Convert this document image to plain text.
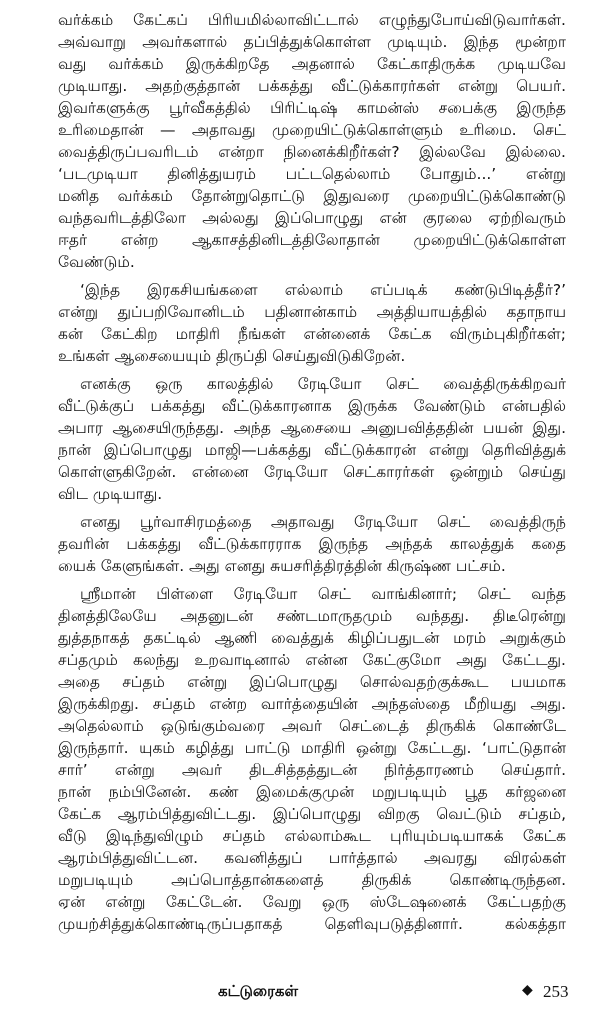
வர்க்கம் கேட்கப் பிரியமில்லாவிட்டால் எழுந்துபோய்விடுவார்கள்.
அவ்வாறு அவர்களால் தப்பித்துக்கொள்ள முடியும். இந்த மூன்றா
வது வர்க்கம் இருக்கிறதே அதனால் கேட்காதிருக்க முடியவே
முடியாது. அதற்குத்தான் பக்கத்து வீட்டுக்காரர்கள் என்று பெயர்.
இவர்களுக்கு பூர்வீகத்தில் பிரிட்டிஷ் காமன்ஸ் சபைக்கு இருந்த
உரிமைதான் — அதாவது முறையிட்டுக்கொள்ளும் உரிமை. செட்
வைத்திருப்பவரிடம் என்றா நினைக்கிறீர்கள்? இல்லவே இல்லை.
‘படமுடியா தினித்துயரம் பட்டதெல்லாம் போதும்...’ என்று
மனித வர்க்கம் தோன்றுதொட்டு இதுவரை முறையிட்டுக்கொண்டு
வந்தவரிடத்திலோ அல்லது இப்பொழுது என் குரலை ஏற்றிவரும்
ஈதர் என்ற ஆகாசத்தினிடத்திலோதான் முறையிட்டுக்கொள்ள
வேண்டும்.
‘இந்த இரகசியங்களை எல்லாம் எப்படிக் கண்டுபிடித்தீர்?’
என்று துப்பறிவோனிடம் பதினான்காம் அத்தியாயத்தில் கதாநாய
கன் கேட்கிற மாதிரி நீங்கள் என்னைக் கேட்க விரும்புகிறீர்கள்;
உங்கள் ஆசையையும் திருப்தி செய்துவிடுகிறேன்.
எனக்கு ஒரு காலத்தில் ரேடியோ செட் வைத்திருக்கிறவர்
வீட்டுக்குப் பக்கத்து வீட்டுக்காரனாக இருக்க வேண்டும் என்பதில்
அபார ஆசையிருந்தது. அந்த ஆசையை அனுபவித்ததின் பயன் இது.
நான் இப்பொழுது மாஜி—பக்கத்து வீட்டுக்காரன் என்று தெரிவித்துக்
கொள்ளுகிறேன். என்னை ரேடியோ செட்காரர்கள் ஒன்றும் செய்து
விட முடியாது.
எனது பூர்வாசிரமத்தை அதாவது ரேடியோ செட் வைத்திருந்
தவரின் பக்கத்து வீட்டுக்காரராக இருந்த அந்தக் காலத்துக் கதை
யைக் கேளுங்கள். அது எனது சுயசரித்திரத்தின் கிருஷ்ண பட்சம்.
ஸ்ரீமான் பிள்ளை ரேடியோ செட் வாங்கினார்; செட் வந்த
தினத்திலேயே அதனுடன் சண்டமாருதமும் வந்தது. திடீரென்று
துத்தநாகத் தகட்டில் ஆணி வைத்துக் கிழிப்பதுடன் மரம் அறுக்கும்
சப்தமும் கலந்து உறவாடினால் என்ன கேட்குமோ அது கேட்டது.
அதை சப்தம் என்று இப்பொழுது சொல்வதற்குக்கூட பயமாக
இருக்கிறது. சப்தம் என்ற வார்த்தையின் அந்தஸ்தை மீறியது அது.
அதெல்லாம் ஒடுங்கும்வரை அவர் செட்டைத் திருகிக் கொண்டே
இருந்தார். யுகம் கழித்து பாட்டு மாதிரி ஒன்று கேட்டது. ‘பாட்டுதான்
சார்’ என்று அவர் திடசித்தத்துடன் நிர்த்தாரணம் செய்தார்.
நான் நம்பினேன். கண் இமைக்குமுன் மறுபடியும் பூத கர்ஜனை
கேட்க ஆரம்பித்துவிட்டது. இப்பொழுது விறகு வெட்டும் சப்தம்,
வீடு இடிந்துவிழும் சப்தம் எல்லாம்கூட புரியும்படியாகக் கேட்க
ஆரம்பித்துவிட்டன. கவனித்துப் பார்த்தால் அவரது விரல்கள்
மறுபடியும் அப்பொத்தான்களைத் திருகிக் கொண்டிருந்தன.
ஏன் என்று கேட்டேன். வேறு ஒரு ஸ்டேஷனைக் கேட்பதற்கு
முயற்சித்துக்கொண்டிருப்பதாகத் தெளிவுபடுத்தினார். கல்கத்தா
கட்டுரைகள்	◆ 253
